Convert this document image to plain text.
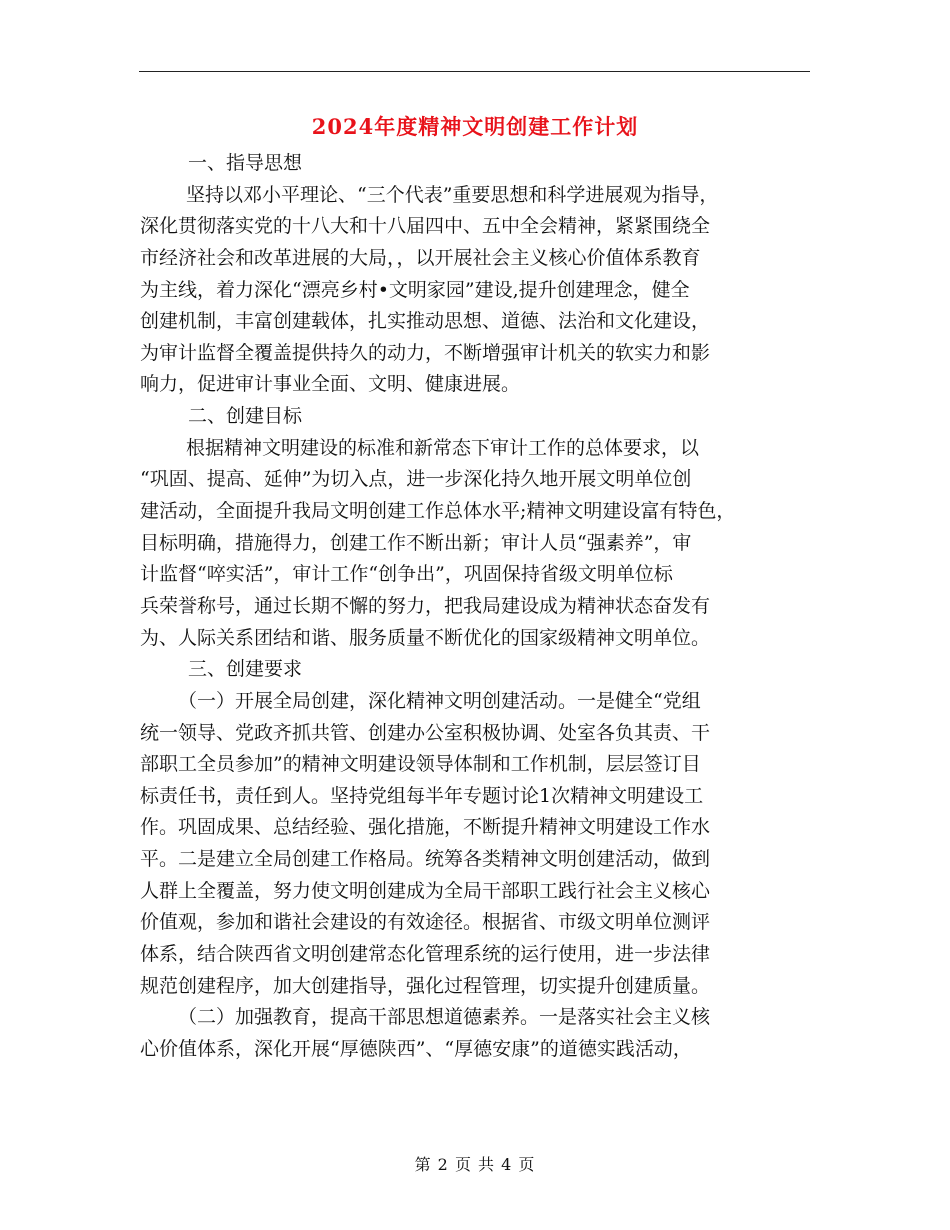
2024年度精神文明创建工作计划
一、指导思想
坚持以邓小平理论、“三个代表”重要思想和科学进展观为指导，
深化贯彻落实党的十八大和十八届四中、五中全会精神，紧紧围绕全
市经济社会和改革进展的大局，，以开展社会主义核心价值体系教育
为主线，着力深化“漂亮乡村•文明家园”建设,提升创建理念，健全
创建机制，丰富创建载体，扎实推动思想、道德、法治和文化建设，
为审计监督全覆盖提供持久的动力，不断增强审计机关的软实力和影
响力，促进审计事业全面、文明、健康进展。
二、创建目标
根据精神文明建设的标准和新常态下审计工作的总体要求，以
“巩固、提高、延伸”为切入点，进一步深化持久地开展文明单位创
建活动，全面提升我局文明创建工作总体水平;精神文明建设富有特色，
目标明确，措施得力，创建工作不断出新；审计人员“强素养”，审
计监督“啐实活”，审计工作“创争出”，巩固保持省级文明单位标
兵荣誉称号，通过长期不懈的努力，把我局建设成为精神状态奋发有
为、人际关系团结和谐、服务质量不断优化的国家级精神文明单位。
三、创建要求
（一）开展全局创建，深化精神文明创建活动。一是健全“党组
统一领导、党政齐抓共管、创建办公室积极协调、处室各负其责、干
部职工全员参加”的精神文明建设领导体制和工作机制，层层签订目
标责任书，责任到人。坚持党组每半年专题讨论1次精神文明建设工
作。巩固成果、总结经验、强化措施，不断提升精神文明建设工作水
平。二是建立全局创建工作格局。统筹各类精神文明创建活动，做到
人群上全覆盖，努力使文明创建成为全局干部职工践行社会主义核心
价值观，参加和谐社会建设的有效途径。根据省、市级文明单位测评
体系，结合陕西省文明创建常态化管理系统的运行使用，进一步法律
规范创建程序，加大创建指导，强化过程管理，切实提升创建质量。
（二）加强教育，提高干部思想道德素养。一是落实社会主义核
心价值体系，深化开展“厚德陕西”、“厚德安康”的道德实践活动，
第 2 页 共 4 页
